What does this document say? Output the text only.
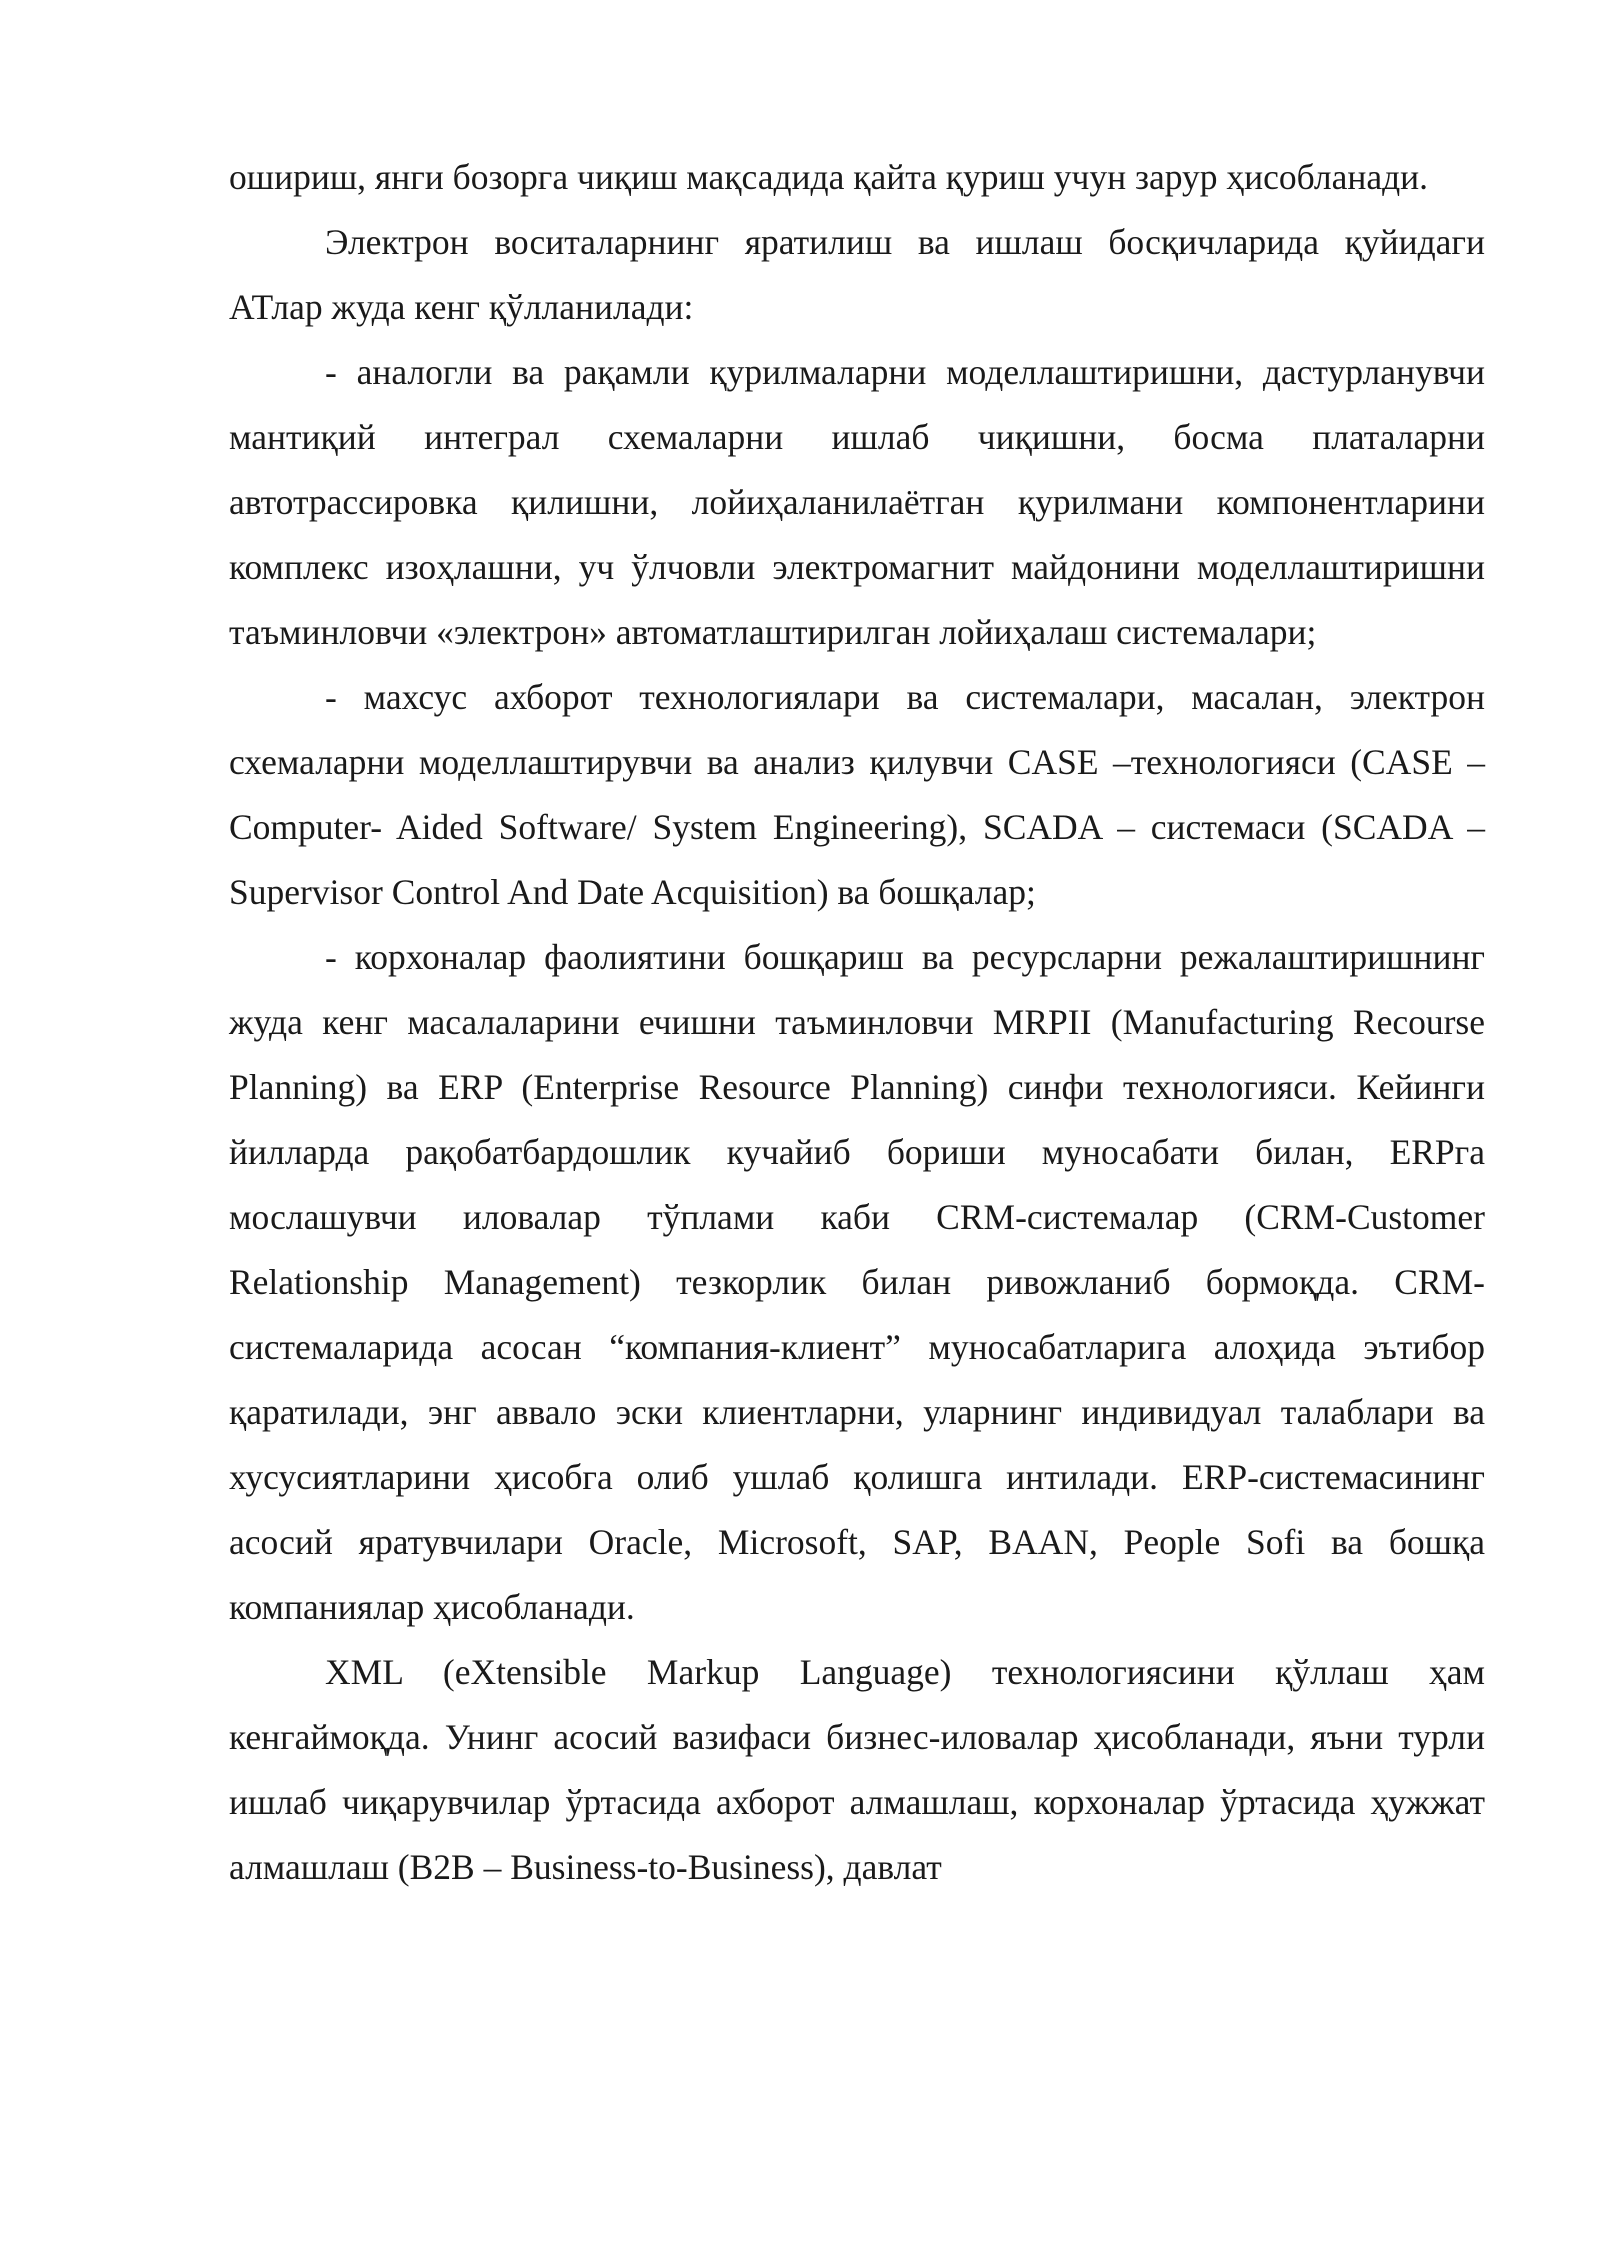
ошириш, янги бозорга чиқиш мақсадида қайта қуриш учун зарур ҳисобланади.

Электрон воситаларнинг яратилиш ва ишлаш босқичларида қуйидаги АТлар жуда кенг қўлланилади:

- аналогли ва рақамли қурилмаларни моделлаштиришни, дастурланувчи мантиқий интеграл схемаларни ишлаб чиқишни, босма платаларни автотрассировка қилишни, лойиҳаланилаётган қурилмани компонентларини комплекс изоҳлашни, уч ўлчовли электромагнит майдонини моделлаштиришни таъминловчи «электрон» автоматлаштирилган лойиҳалаш системалари;

- махсус ахборот технологиялари ва системалари, масалан, электрон схемаларни моделлаштирувчи ва анализ қилувчи CASE –технологияси (CASE – Computer- Aided Software/ System Engineering), SCADA – системаси (SCADA – Supervisor Control And Date Acquisition) ва бошқалар;

- корхоналар фаолиятини бошқариш ва ресурсларни режалаштиришнинг жуда кенг масалаларини ечишни таъминловчи MRPII (Manufacturing Recourse Planning) ва ERP (Enterprise Resource Planning) синфи технологияси. Кейинги йилларда рақобатбардошлик кучайиб бориши муносабати билан, ERPга мослашувчи иловалар тўплами каби CRM-системалар (CRM-Customer Relationship Management) тезкорлик билан ривожланиб бормоқда. CRM-системаларида асосан “компания-клиент” муносабатларига алоҳида эътибор қаратилади, энг аввало эски клиентларни, уларнинг индивидуал талаблари ва хусусиятларини ҳисобга олиб ушлаб қолишга интилади. ERP-системасининг асосий яратувчилари Oracle, Microsoft, SAP, BAAN, People Sofi ва бошқа компаниялар ҳисобланади.

XML (eXtensible Markup Language) технологиясини қўллаш ҳам кенгаймоқда. Унинг асосий вазифаси бизнес-иловалар ҳисобланади, яъни турли ишлаб чиқарувчилар ўртасида ахборот алмашлаш, корхоналар ўртасида ҳужжат алмашлаш (B2B – Business-to-Business), давлат
